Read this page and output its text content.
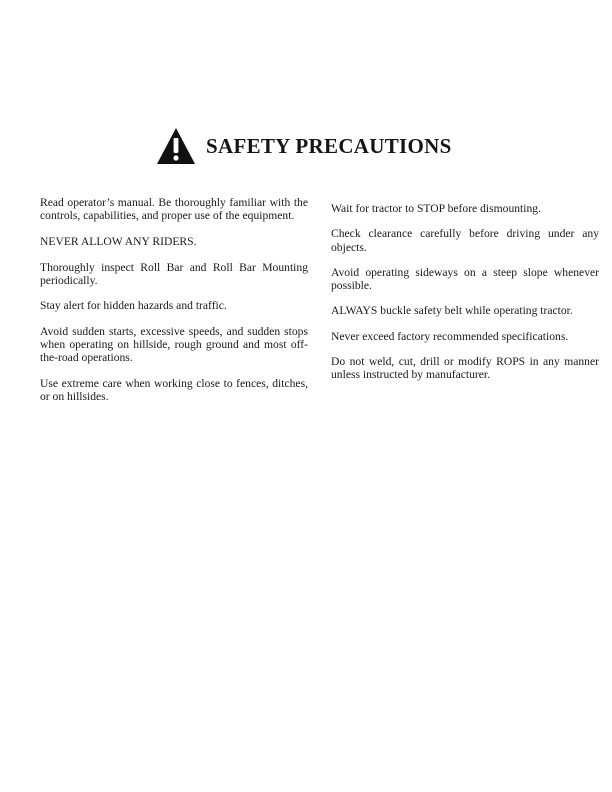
SAFETY PRECAUTIONS

Read operator’s manual. Be thoroughly familiar with the controls, capabilities, and proper use of the equipment.

NEVER ALLOW ANY RIDERS.

Thoroughly inspect Roll Bar and Roll Bar Mounting periodically.

Stay alert for hidden hazards and traffic.

Avoid sudden starts, excessive speeds, and sudden stops when operating on hillside, rough ground and most off-the-road operations.

Use extreme care when working close to fences, ditches, or on hillsides.

Wait for tractor to STOP before dismounting.

Check clearance carefully before driving under any objects.

Avoid operating sideways on a steep slope whenever possible.

ALWAYS buckle safety belt while operating tractor.

Never exceed factory recommended specifications.

Do not weld, cut, drill or modify ROPS in any manner unless instructed by manufacturer.
